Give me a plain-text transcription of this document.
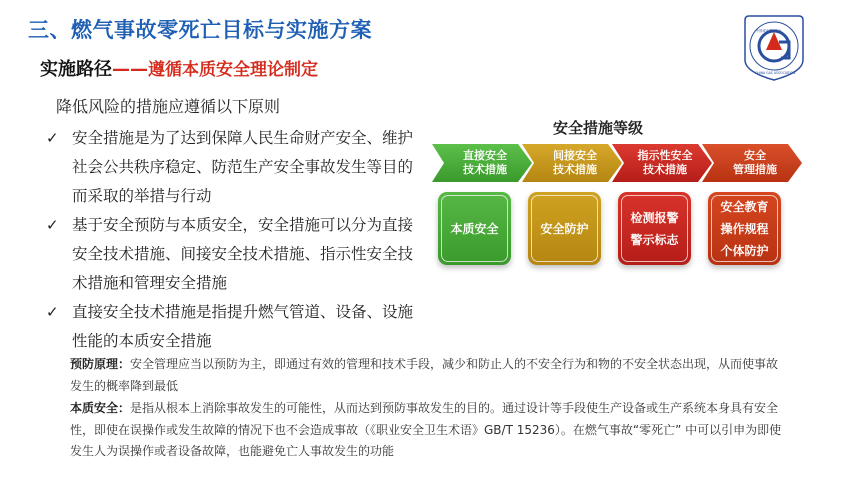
三、燃气事故零死亡目标与实施方案
实施路径——遵循本质安全理论制定
中国城市燃气协会
CHINA GAS ASSOCIATION
降低风险的措施应遵循以下原则
✓ 安全措施是为了达到保障人民生命财产安全、维护社会公共秩序稳定、防范生产安全事故发生等目的而采取的举措与行动
✓ 基于安全预防与本质安全，安全措施可以分为直接安全技术措施、间接安全技术措施、指示性安全技术措施和管理安全措施
✓ 直接安全技术措施是指提升燃气管道、设备、设施性能的本质安全措施
安全措施等级
直接安全
技术措施
间接安全
技术措施
指示性安全
技术措施
安全
管理措施
本质安全	安全防护
检测报警
警示标志
安全教育
操作规程
个体防护

预防原理：安全管理应当以预防为主，即通过有效的管理和技术手段，减少和防止人的不安全行为和物的不安全状态出现，从而使事故发生的概率降到最低

本质安全：是指从根本上消除事故发生的可能性，从而达到预防事故发生的目的。通过设计等手段使生产设备或生产系统本身具有安全性，即使在误操作或发生故障的情况下也不会造成事故（《职业安全卫生术语》GB/T 15236）。在燃气事故“零死亡” 中可以引申为即使发生人为误操作或者设备故障，也能避免亡人事故发生的功能
